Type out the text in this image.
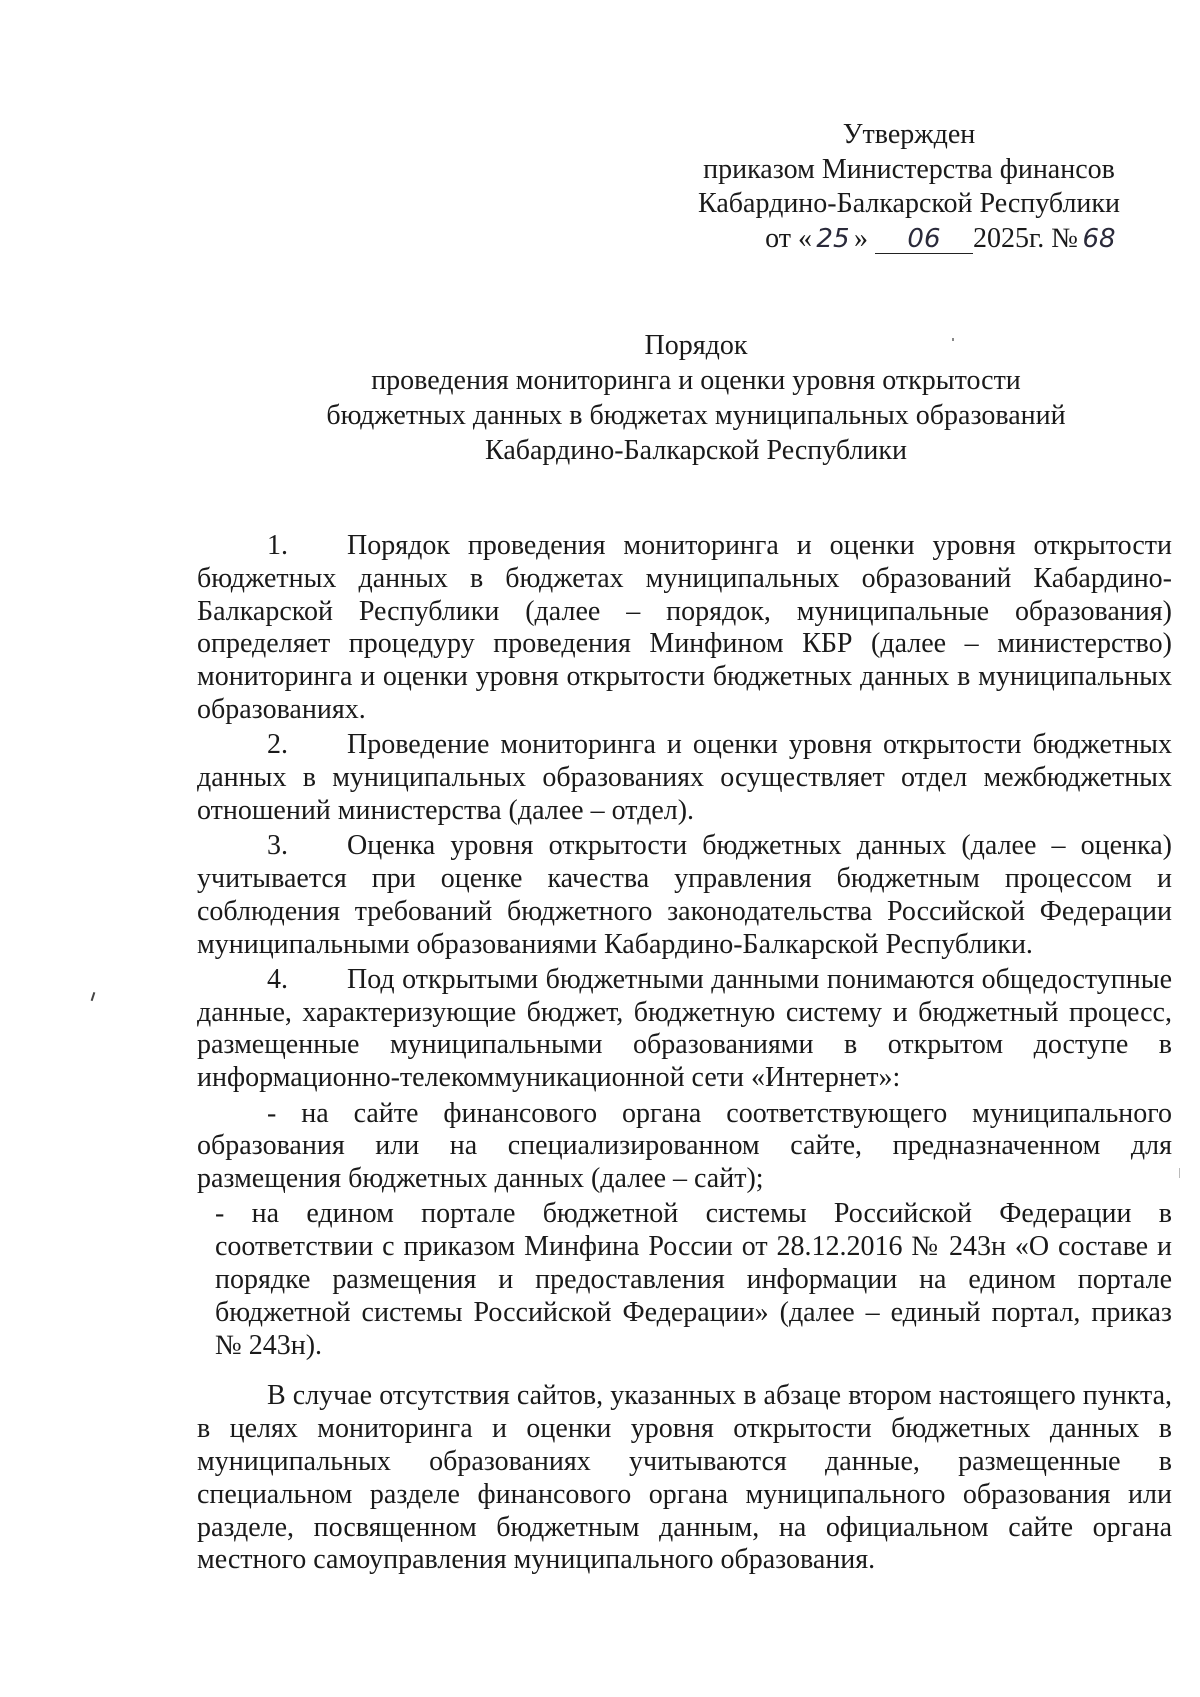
Утвержден
приказом Министерства финансов
Кабардино-Балкарской Республики
от « 25 » 06 2025г. № 68
Порядок
проведения мониторинга и оценки уровня открытости
бюджетных данных в бюджетах муниципальных образований
Кабардино-Балкарской Республики

1. Порядок проведения мониторинга и оценки уровня открытости бюджетных данных в бюджетах муниципальных образований Кабардино-Балкарской Республики (далее – порядок, муниципальные образования) определяет процедуру проведения Минфином КБР (далее – министерство) мониторинга и оценки уровня открытости бюджетных данных в муниципальных образованиях.

2. Проведение мониторинга и оценки уровня открытости бюджетных данных в муниципальных образованиях осуществляет отдел межбюджетных отношений министерства (далее – отдел).

3. Оценка уровня открытости бюджетных данных (далее – оценка) учитывается при оценке качества управления бюджетным процессом и соблюдения требований бюджетного законодательства Российской Федерации муниципальными образованиями Кабардино-Балкарской Республики.

4. Под открытыми бюджетными данными понимаются общедоступные данные, характеризующие бюджет, бюджетную систему и бюджетный процесс, размещенные муниципальными образованиями в открытом доступе в информационно-телекоммуникационной сети «Интернет»:

- на сайте финансового органа соответствующего муниципального образования или на специализированном сайте, предназначенном для размещения бюджетных данных (далее – сайт);

- на едином портале бюджетной системы Российской Федерации в соответствии с приказом Минфина России от 28.12.2016 № 243н «О составе и порядке размещения и предоставления информации на едином портале бюджетной системы Российской Федерации» (далее – единый портал, приказ № 243н).

В случае отсутствия сайтов, указанных в абзаце втором настоящего пункта, в целях мониторинга и оценки уровня открытости бюджетных данных в муниципальных образованиях учитываются данные, размещенные в специальном разделе финансового органа муниципального образования или разделе, посвященном бюджетным данным, на официальном сайте органа местного самоуправления муниципального образования.
